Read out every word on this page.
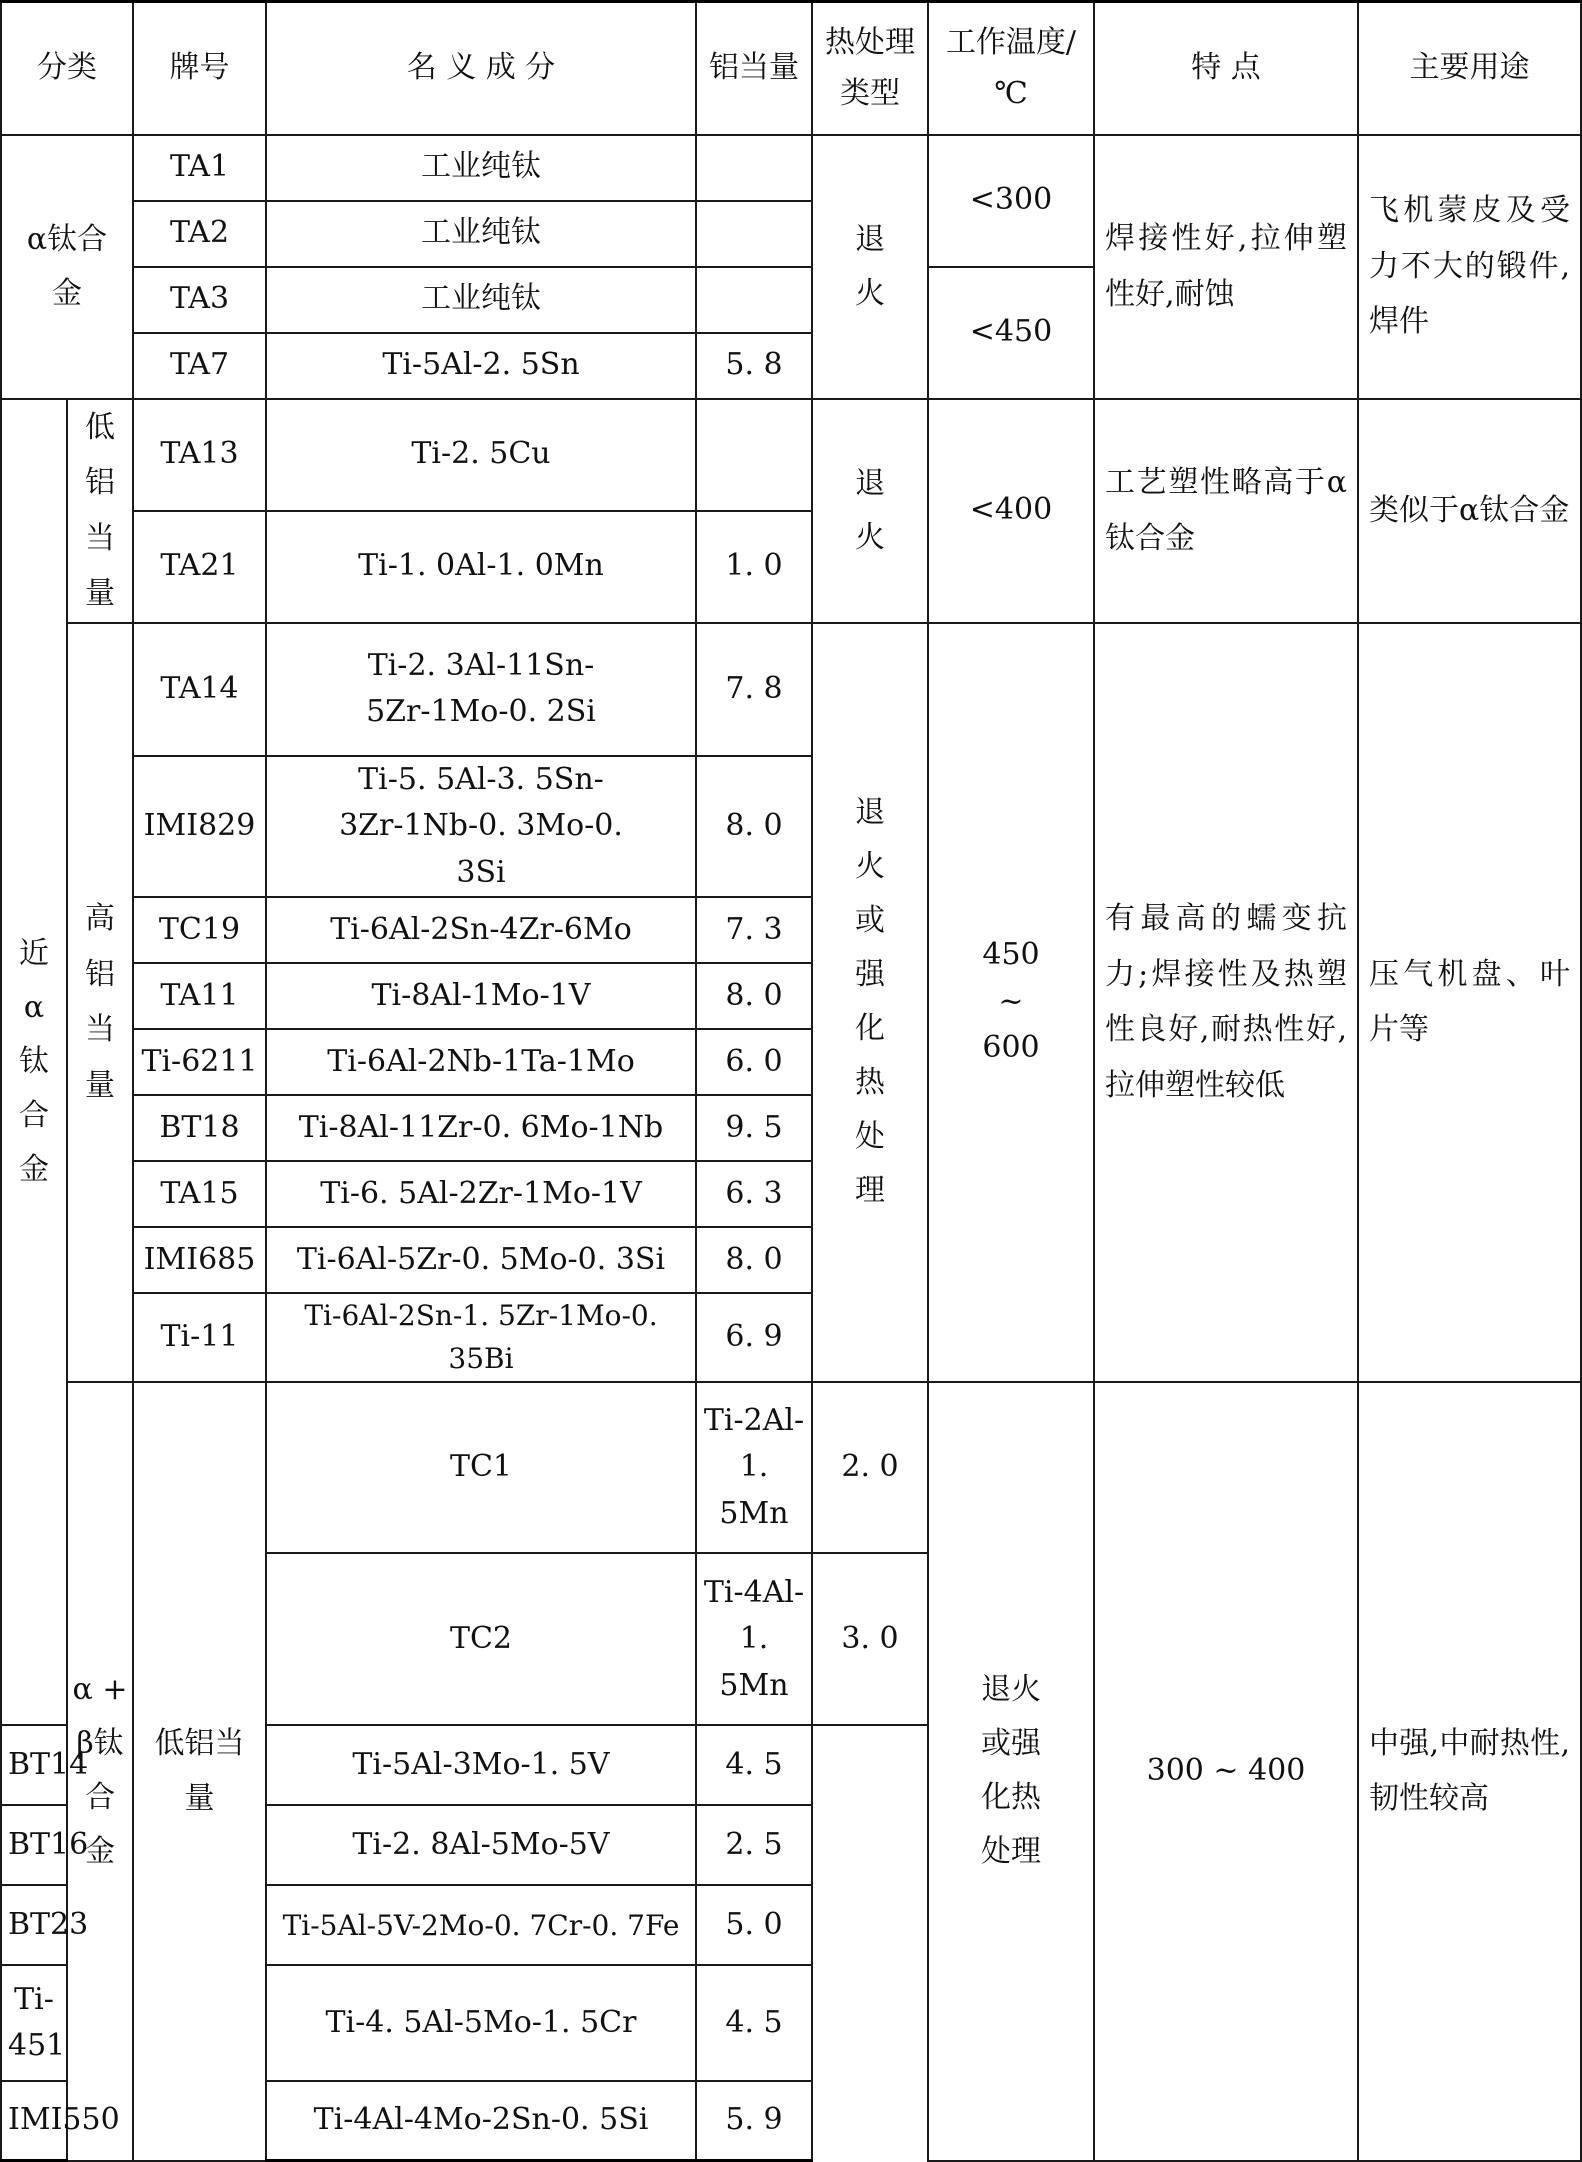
分类		牌号	名 义 成 分	铝当量	热处理类型	工作温度/℃	特 点	主要用途	
α钛合金		TA1	工业纯钛		退火	<300	焊接性好,拉伸塑性好,耐蚀	飞机蒙皮及受力不大的锻件,焊件	
		TA2	工业纯钛						
		TA3	工业纯钛			<450			
		TA7	Ti-5Al-2. 5Sn	5. 8					
近α钛合金	低铝当量	TA13	Ti-2. 5Cu		退火	<400	工艺塑性略高于α钛合金	类似于α钛合金	
		TA21	Ti-1. 0Al-1. 0Mn	1. 0					
	高铝当量	TA14	Ti-2. 3Al-11Sn-5Zr-1Mo-0. 2Si	7. 8	退火或强化热处理	450 ~ 600	有最高的蠕变抗力;焊接性及热塑性良好,耐热性好,拉伸塑性较低	压气机盘、叶片等	
		IMI829	Ti-5. 5Al-3. 5Sn-3Zr-1Nb-0. 3Mo-0. 3Si	8. 0					
		TC19	Ti-6Al-2Sn-4Zr-6Mo	7. 3					
		TA11	Ti-8Al-1Mo-1V	8. 0					
		Ti-6211	Ti-6Al-2Nb-1Ta-1Mo	6. 0					
		BT18	Ti-8Al-11Zr-0. 6Mo-1Nb	9. 5					
		TA15	Ti-6. 5Al-2Zr-1Mo-1V	6. 3					
		IMI685	Ti-6Al-5Zr-0. 5Mo-0. 3Si	8. 0					
		Ti-11	Ti-6Al-2Sn-1. 5Zr-1Mo-0. 35Bi	6. 9					
	α + β钛合金	低铝当量	TC1	Ti-2Al-1. 5Mn	2. 0	退火或强化热处理	300 ~ 400	中强,中耐热性,韧性较高	
			TC2	Ti-4Al-1. 5Mn	3. 0				
BT14			Ti-5Al-3Mo-1. 5V	4. 5					
BT16			Ti-2. 8Al-5Mo-5V	2. 5					
BT23			Ti-5Al-5V-2Mo-0. 7Cr-0. 7Fe	5. 0					
Ti-451			Ti-4. 5Al-5Mo-1. 5Cr	4. 5					
IMI550			Ti-4Al-4Mo-2Sn-0. 5Si	5. 9					
